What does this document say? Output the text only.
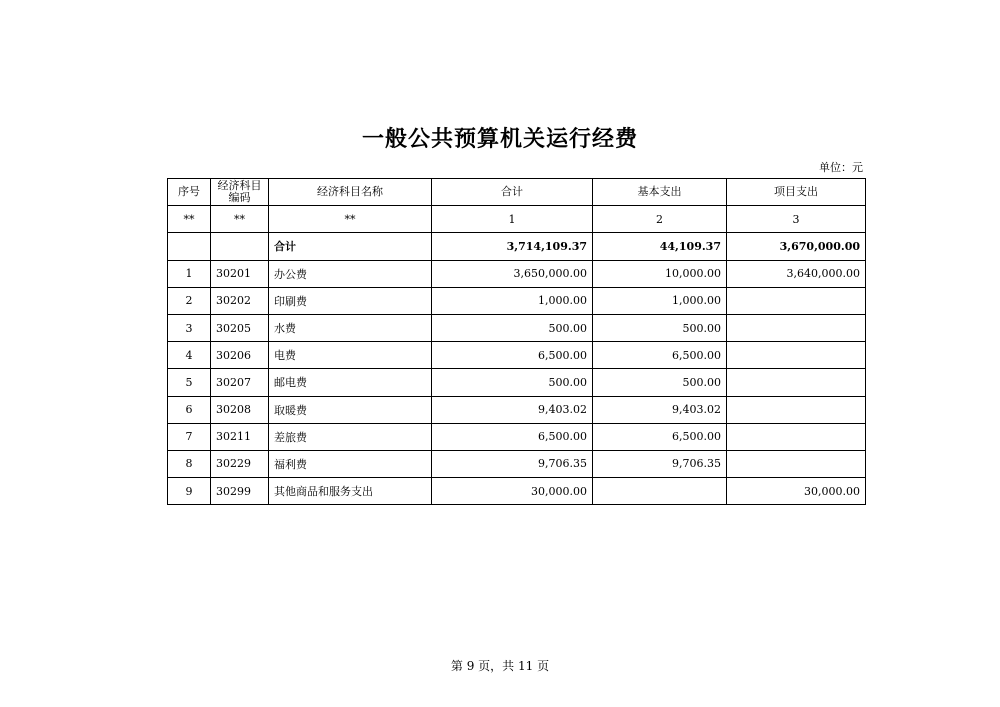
一般公共预算机关运行经费
单位：元
序号	经济科目编码	经济科目名称	合计	基本支出	项目支出
**	**	**	1	2	3
		合计	3,714,109.37	44,109.37	3,670,000.00
1	30201	办公费	3,650,000.00	10,000.00	3,640,000.00
2	30202	印刷费	1,000.00	1,000.00	
3	30205	水费	500.00	500.00	
4	30206	电费	6,500.00	6,500.00	
5	30207	邮电费	500.00	500.00	
6	30208	取暖费	9,403.02	9,403.02	
7	30211	差旅费	6,500.00	6,500.00	
8	30229	福利费	9,706.35	9,706.35	
9	30299	其他商品和服务支出	30,000.00		30,000.00
第 9 页，共 11 页
